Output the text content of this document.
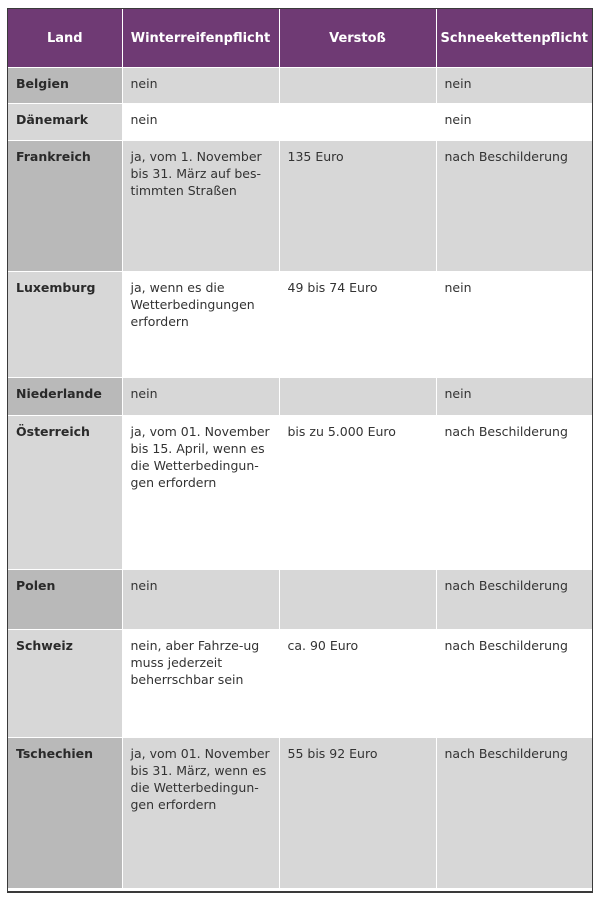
Land	Winterreifenpflicht	Verstoß	Schneekettenpflicht
Belgien	nein		nein
Dänemark	nein		nein
Frankreich	ja, vom 1. November bis 31. März auf bes-timmten Straßen	135 Euro	nach Beschilderung
Luxemburg	ja, wenn es die Wetterbedingungen erfordern	49 bis 74 Euro	nein
Niederlande	nein		nein
Österreich	ja, vom 01. November bis 15. April, wenn es die Wetterbedingun-gen erfordern	bis zu 5.000 Euro	nach Beschilderung
Polen	nein		nach Beschilderung
Schweiz	nein, aber Fahrze-ug muss jederzeit beherrschbar sein	ca. 90 Euro	nach Beschilderung
Tschechien	ja, vom 01. November bis 31. März, wenn es die Wetterbedingun-gen erfordern	55 bis 92 Euro	nach Beschilderung
